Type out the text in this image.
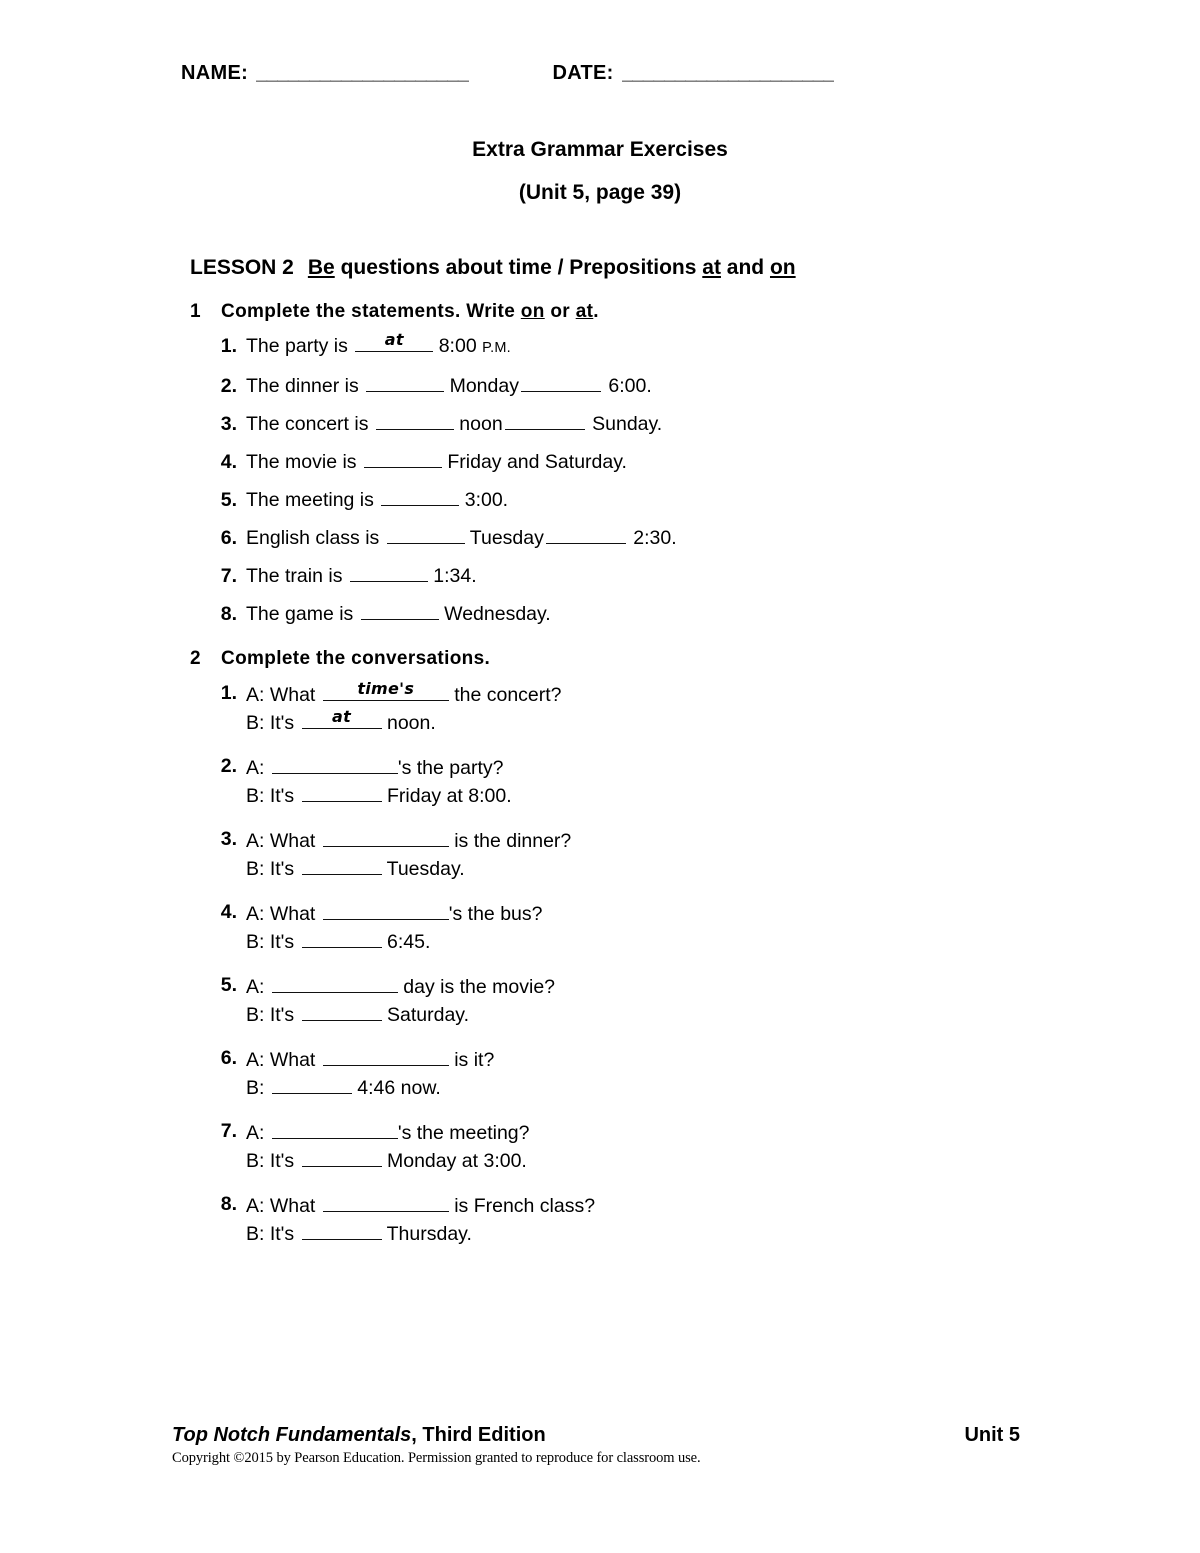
NAME: ____________________	DATE: ____________________
Extra Grammar Exercises
(Unit 5, page 39)
LESSON 2 Be questions about time / Prepositions at and on
1	Complete the statements. Write on or at.
1. The party is	at	8:00 P.M.
2. The dinner is	Monday	6:00.
3. The concert is	noon	Sunday.
4. The movie is	Friday and Saturday.
5. The meeting is	3:00.
6. English class is	Tuesday	2:30.
7. The train is	1:34.
8. The game is	Wednesday.
2	Complete the conversations.
1. A: What	time's	the concert?
B: It's	at	noon.
2. A:	's the party?
B: It's	Friday at 8:00.
3. A: What	is the dinner?
B: It's	Tuesday.
4. A: What	's the bus?
B: It's	6:45.
5. A:	day is the movie?
B: It's	Saturday.
6. A: What	is it?
B:	4:46 now.
7. A:	's the meeting?
B: It's	Monday at 3:00.
8. A: What	is French class?
B: It's	Thursday.
Top Notch Fundamentals, Third Edition	Unit 5
Copyright ©2015 by Pearson Education. Permission granted to reproduce for classroom use.
